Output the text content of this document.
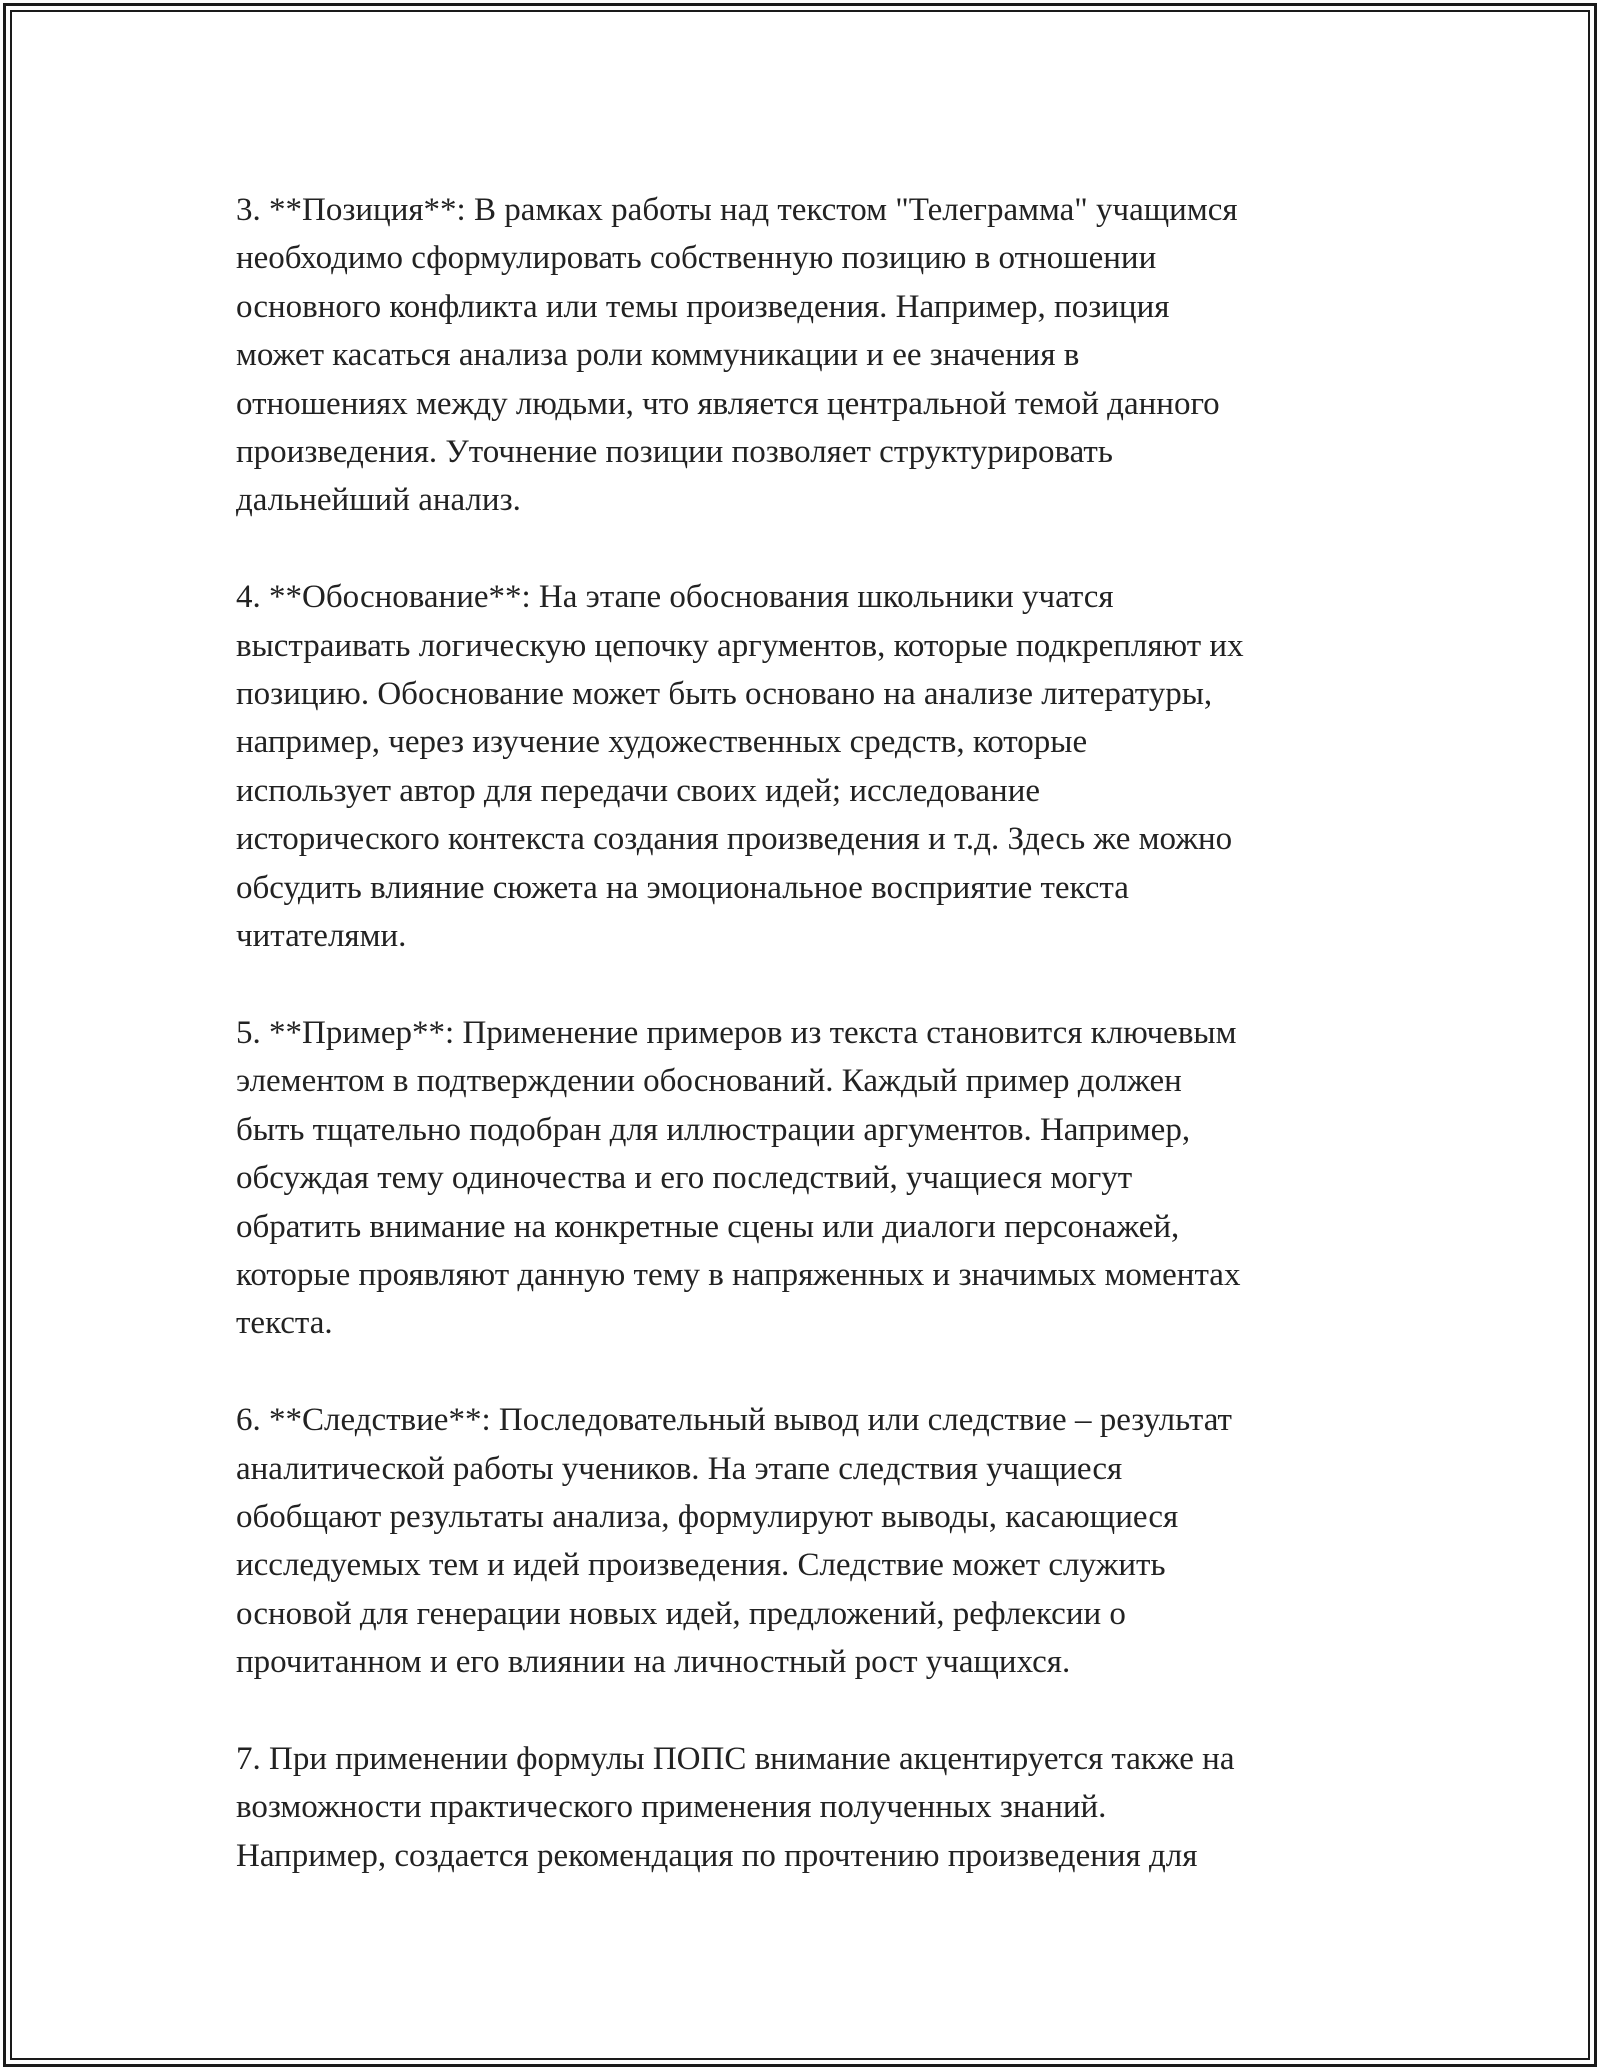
3. **Позиция**: В рамках работы над текстом "Телеграмма" учащимся
необходимо сформулировать собственную позицию в отношении
основного конфликта или темы произведения. Например, позиция
может касаться анализа роли коммуникации и ее значения в
отношениях между людьми, что является центральной темой данного
произведения. Уточнение позиции позволяет структурировать
дальнейший анализ.

4. **Обоснование**: На этапе обоснования школьники учатся
выстраивать логическую цепочку аргументов, которые подкрепляют их
позицию. Обоснование может быть основано на анализе литературы,
например, через изучение художественных средств, которые
использует автор для передачи своих идей; исследование
исторического контекста создания произведения и т.д. Здесь же можно
обсудить влияние сюжета на эмоциональное восприятие текста
читателями.

5. **Пример**: Применение примеров из текста становится ключевым
элементом в подтверждении обоснований. Каждый пример должен
быть тщательно подобран для иллюстрации аргументов. Например,
обсуждая тему одиночества и его последствий, учащиеся могут
обратить внимание на конкретные сцены или диалоги персонажей,
которые проявляют данную тему в напряженных и значимых моментах
текста.

6. **Следствие**: Последовательный вывод или следствие – результат
аналитической работы учеников. На этапе следствия учащиеся
обобщают результаты анализа, формулируют выводы, касающиеся
исследуемых тем и идей произведения. Следствие может служить
основой для генерации новых идей, предложений, рефлексии о
прочитанном и его влиянии на личностный рост учащихся.

7. При применении формулы ПОПС внимание акцентируется также на
возможности практического применения полученных знаний.
Например, создается рекомендация по прочтению произведения для
